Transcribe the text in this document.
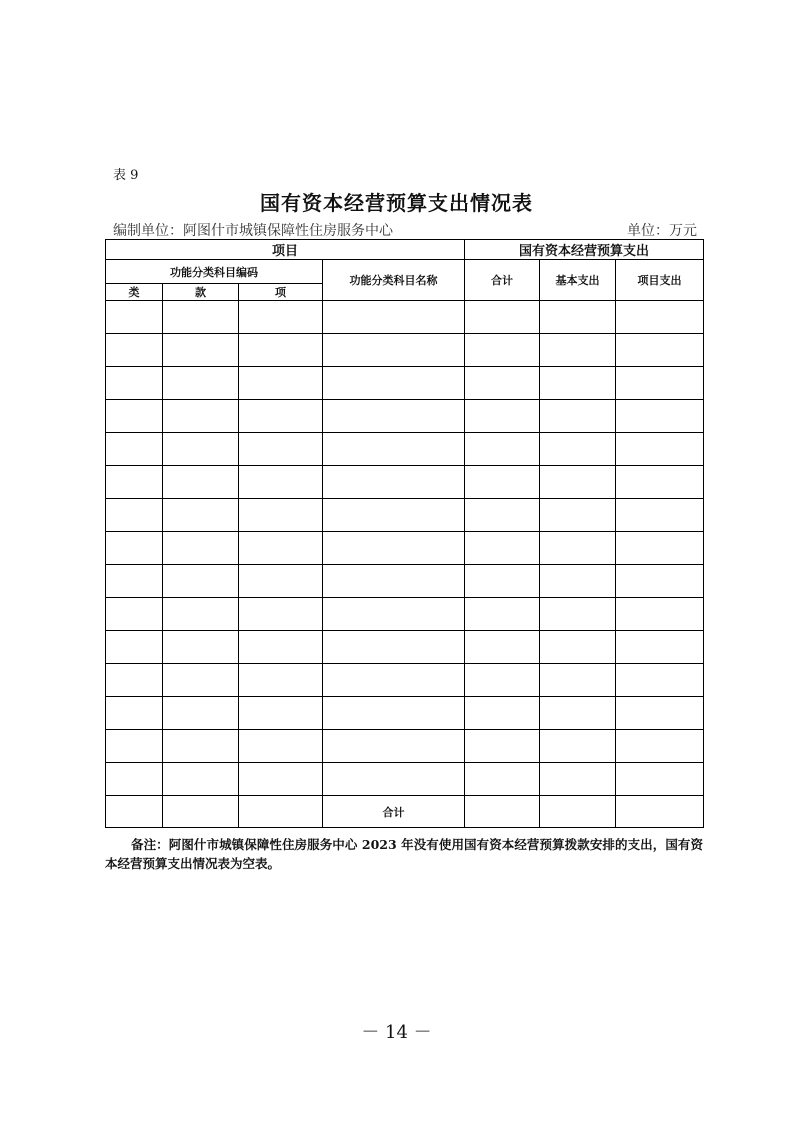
表 9
国有资本经营预算支出情况表
编制单位：阿图什市城镇保障性住房服务中心	单位：万元
项目				国有资本经营预算支出		
功能分类科目编码			功能分类科目名称	合计	基本支出	项目支出
类	款	项				

			合计			
备注：阿图什市城镇保障性住房服务中心 2023 年没有使用国有资本经营预算拨款安排的支出，国有资本经营预算支出情况表为空表。
－ 14 －
